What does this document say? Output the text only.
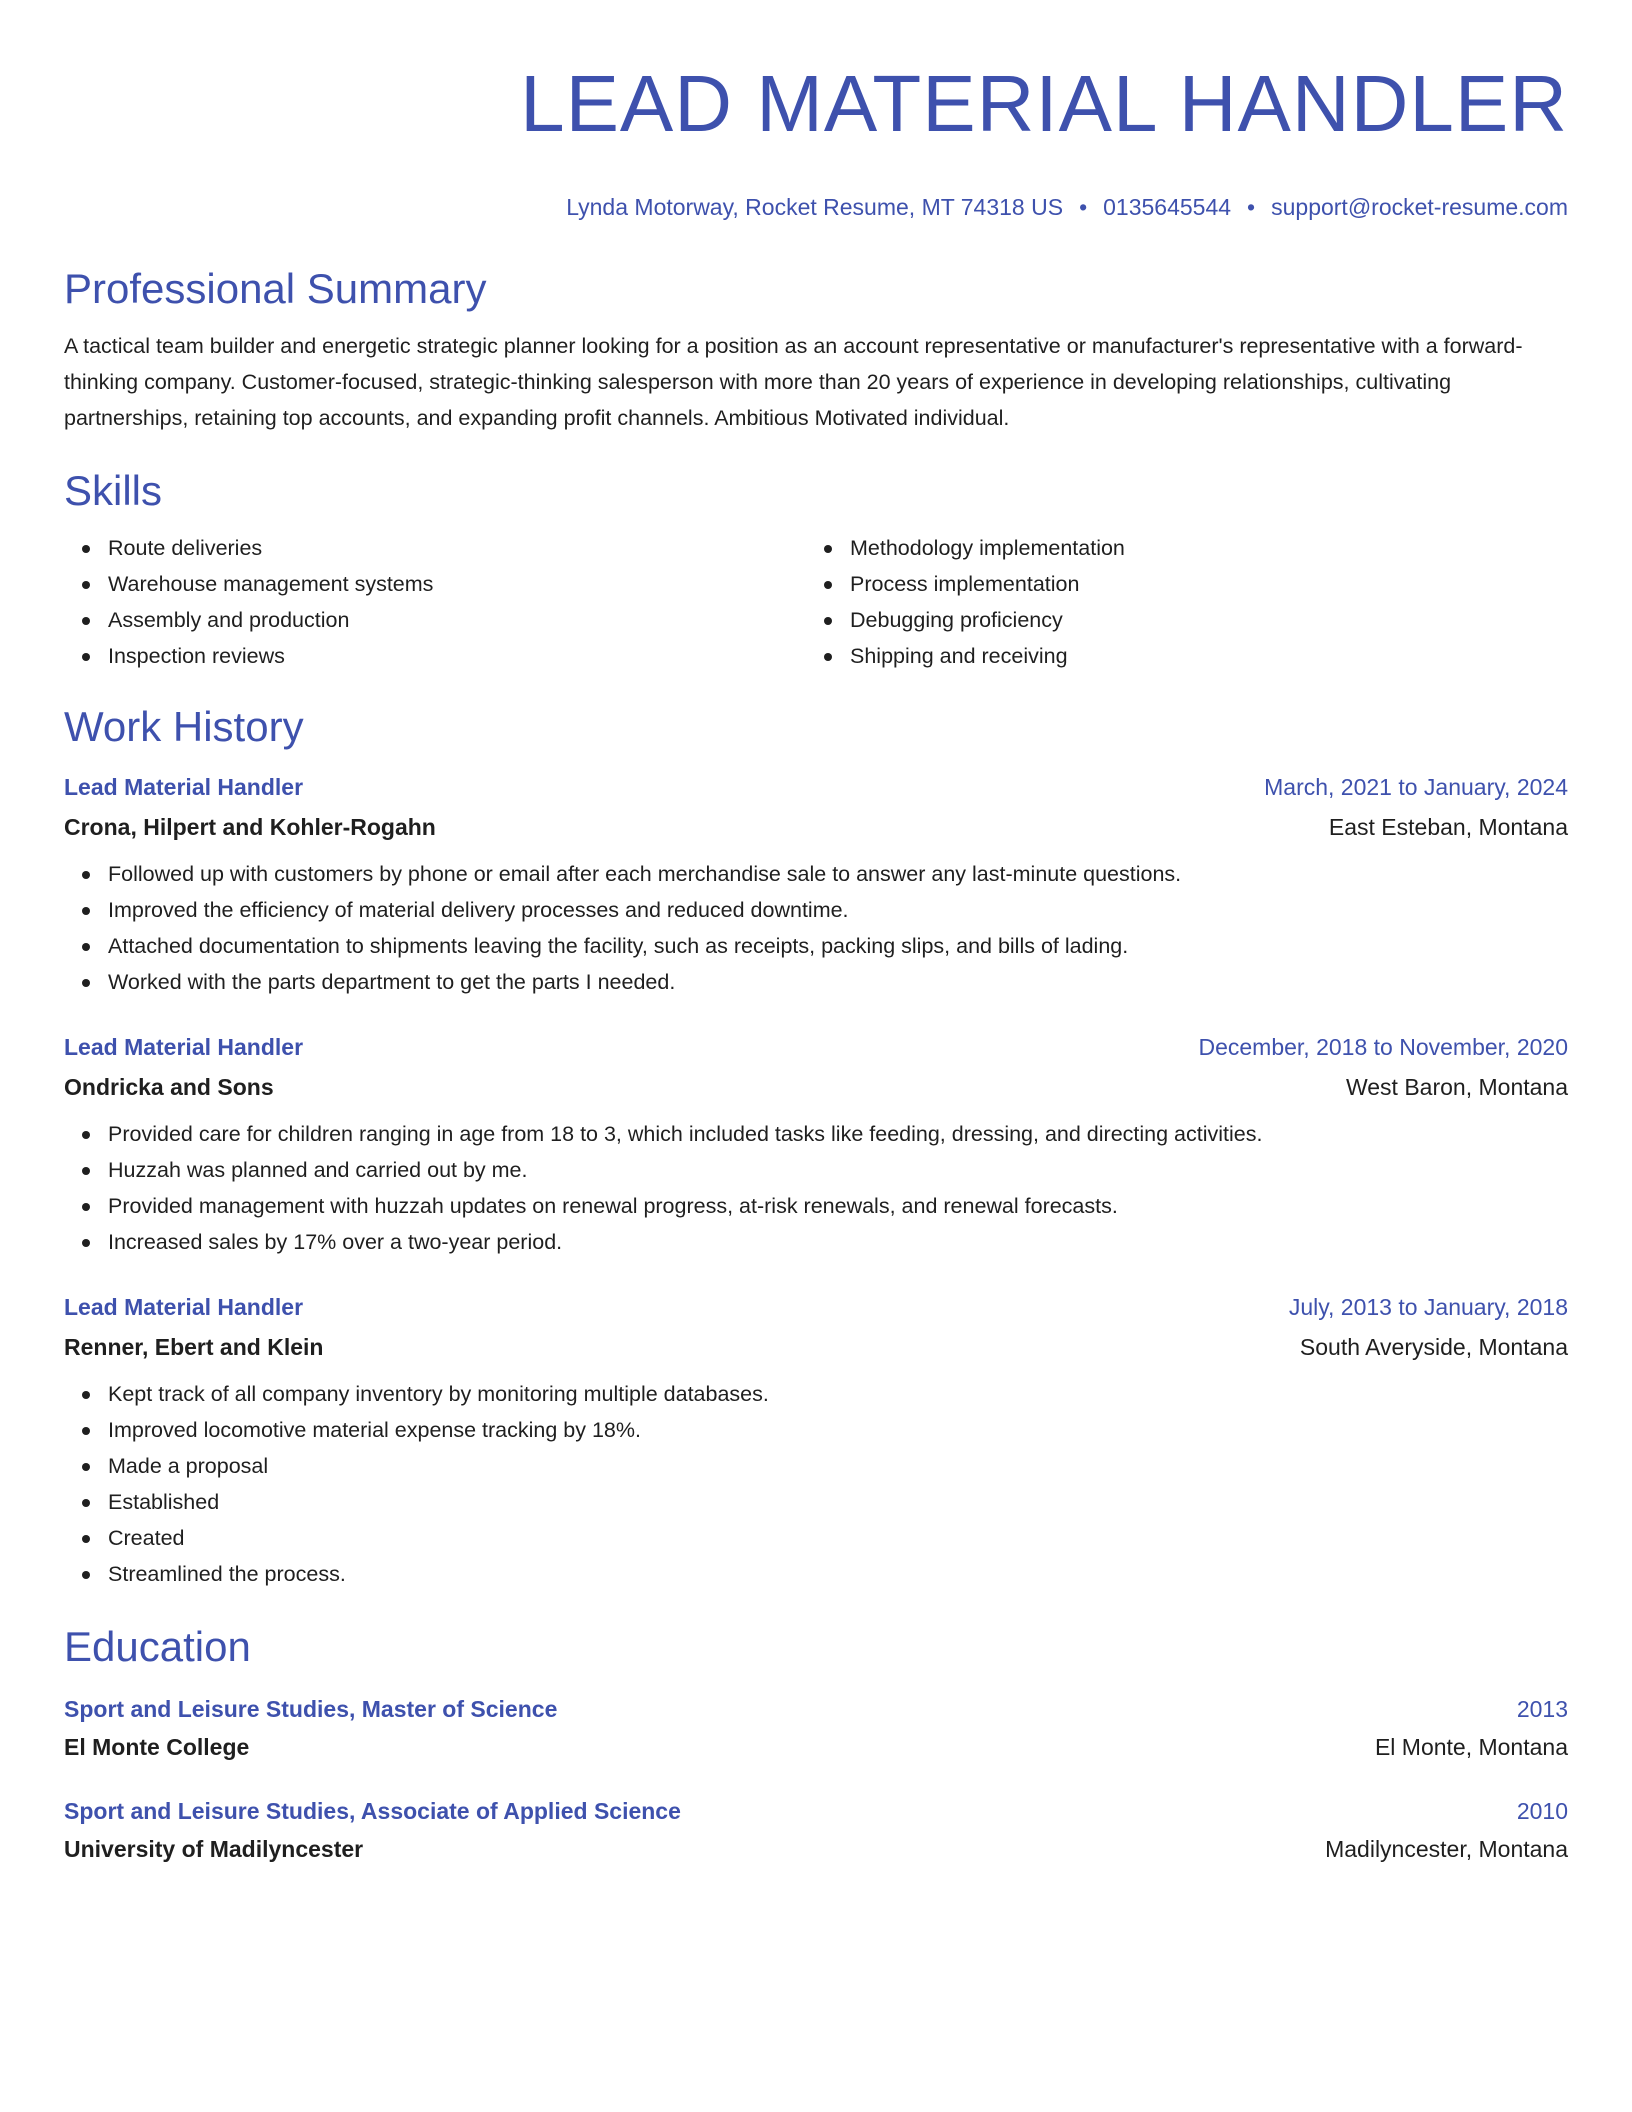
LEAD MATERIAL HANDLER
Lynda Motorway, Rocket Resume, MT 74318 US • 0135645544 • support@rocket-resume.com
Professional Summary

A tactical team builder and energetic strategic planner looking for a position as an account representative or manufacturer's representative with a forward-thinking company. Customer-focused, strategic-thinking salesperson with more than 20 years of experience in developing relationships, cultivating partnerships, retaining top accounts, and expanding profit channels. Ambitious Motivated individual.

Skills
Route deliveries
Warehouse management systems
Assembly and production
Inspection reviews
Methodology implementation
Process implementation
Debugging proficiency
Shipping and receiving
Work History
Lead Material Handler	March, 2021 to January, 2024
Crona, Hilpert and Kohler-Rogahn	East Esteban, Montana
Followed up with customers by phone or email after each merchandise sale to answer any last-minute questions.
Improved the efficiency of material delivery processes and reduced downtime.
Attached documentation to shipments leaving the facility, such as receipts, packing slips, and bills of lading.
Worked with the parts department to get the parts I needed.
Lead Material Handler	December, 2018 to November, 2020
Ondricka and Sons	West Baron, Montana
Provided care for children ranging in age from 18 to 3, which included tasks like feeding, dressing, and directing activities.
Huzzah was planned and carried out by me.
Provided management with huzzah updates on renewal progress, at-risk renewals, and renewal forecasts.
Increased sales by 17% over a two-year period.
Lead Material Handler	July, 2013 to January, 2018
Renner, Ebert and Klein	South Averyside, Montana
Kept track of all company inventory by monitoring multiple databases.
Improved locomotive material expense tracking by 18%.
Made a proposal
Established
Created
Streamlined the process.
Education
Sport and Leisure Studies, Master of Science	2013
El Monte College	El Monte, Montana
Sport and Leisure Studies, Associate of Applied Science	2010
University of Madilyncester	Madilyncester, Montana
